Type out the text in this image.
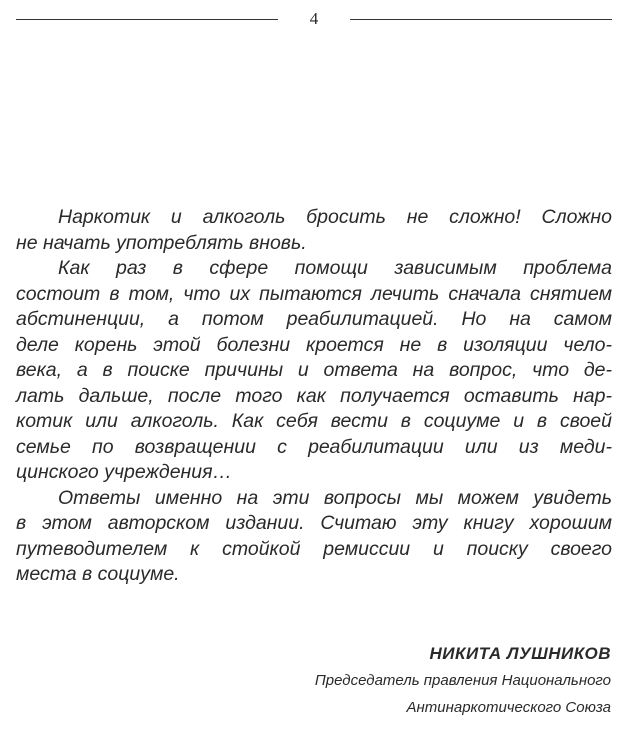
4
Наркотик и алкоголь бросить не сложно! Сложно
не начать употреблять вновь.
Как раз в сфере помощи зависимым проблема
состоит в том, что их пытаются лечить сначала снятием
абстиненции, а потом реабилитацией. Но на самом
деле корень этой болезни кроется не в изоляции чело-
века, а в поиске причины и ответа на вопрос, что де-
лать дальше, после того как получается оставить нар-
котик или алкоголь. Как себя вести в социуме и в своей
семье по возвращении с реабилитации или из меди-
цинского учреждения…
Ответы именно на эти вопросы мы можем увидеть
в этом авторском издании. Считаю эту книгу хорошим
путеводителем к стойкой ремиссии и поиску своего
места в социуме.
НИКИТА ЛУШНИКОВ
Председатель правления Национального
Антинаркотического Союза
